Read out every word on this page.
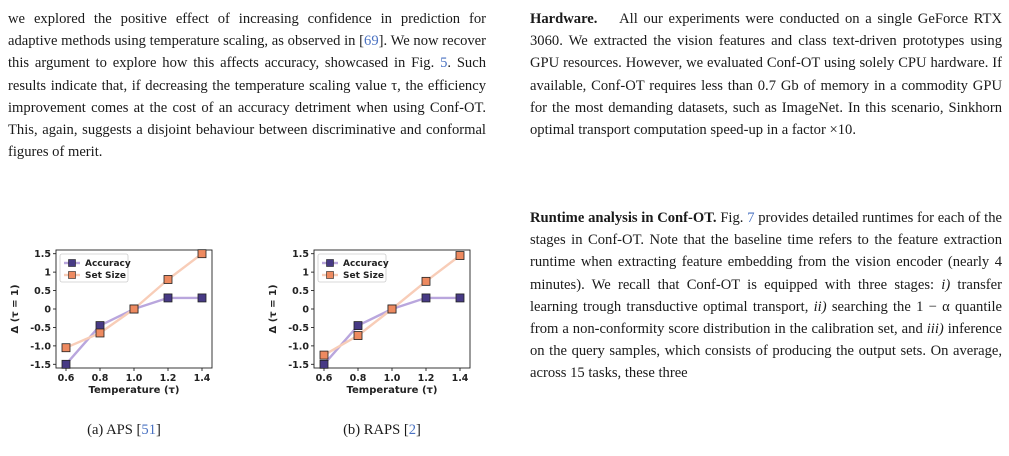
we explored the positive effect of increasing confidence in prediction for adaptive methods using temperature scaling, as observed in [69]. We now recover this argument to explore how this affects accuracy, showcased in Fig. 5. Such results indicate that, if decreasing the temperature scaling value τ, the efficiency improvement comes at the cost of an accuracy detriment when using Conf-OT. This, again, suggests a disjoint behaviour between discriminative and conformal figures of merit.

1.5
1
0.5
0
-0.5
-1.0
-1.5
0.6 0.8 1.0 1.2 1.4
Temperature (τ)
Δ (τ = 1)
Accuracy
Set Size
1.5
1
0.5
0
-0.5
-1.0
-1.5
0.6 0.8 1.0 1.2 1.4
Temperature (τ)
Δ (τ = 1)
Accuracy
Set Size
(a) APS [51]	(b) RAPS [2]

Hardware. All our experiments were conducted on a single GeForce RTX 3060. We extracted the vision features and class text-driven prototypes using GPU resources. However, we evaluated Conf-OT using solely CPU hardware. If available, Conf-OT requires less than 0.7 Gb of memory in a commodity GPU for the most demanding datasets, such as ImageNet. In this scenario, Sinkhorn optimal transport computation speed-up in a factor ×10.

Runtime analysis in Conf-OT. Fig. 7 provides detailed runtimes for each of the stages in Conf-OT. Note that the baseline time refers to the feature extraction runtime when extracting feature embedding from the vision encoder (nearly 4 minutes). We recall that Conf-OT is equipped with three stages: i) transfer learning trough transductive optimal transport, ii) searching the 1 − α quantile from a non-conformity score distribution in the calibration set, and iii) inference on the query samples, which consists of producing the output sets. On average, across 15 tasks, these three
